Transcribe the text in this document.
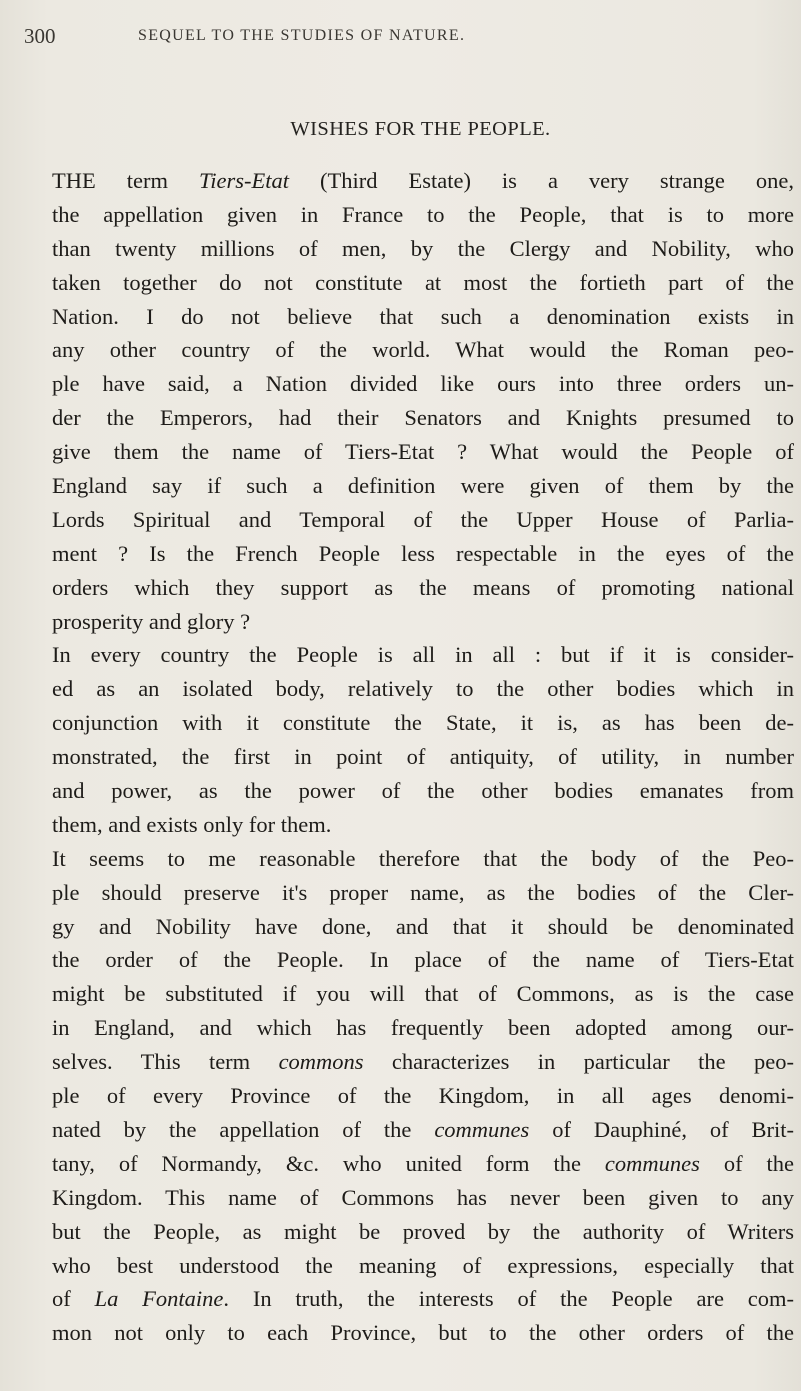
300	SEQUEL TO THE STUDIES OF NATURE.
WISHES FOR THE PEOPLE.
THE term Tiers-Etat (Third Estate) is a very strange one,
the appellation given in France to the People, that is to more
than twenty millions of men, by the Clergy and Nobility, who
taken together do not constitute at most the fortieth part of the
Nation. I do not believe that such a denomination exists in
any other country of the world. What would the Roman peo-
ple have said, a Nation divided like ours into three orders un-
der the Emperors, had their Senators and Knights presumed to
give them the name of Tiers-Etat ? What would the People of
England say if such a definition were given of them by the
Lords Spiritual and Temporal of the Upper House of Parlia-
ment ? Is the French People less respectable in the eyes of the
orders which they support as the means of promoting national
prosperity and glory ?
In every country the People is all in all : but if it is consider-
ed as an isolated body, relatively to the other bodies which in
conjunction with it constitute the State, it is, as has been de-
monstrated, the first in point of antiquity, of utility, in number
and power, as the power of the other bodies emanates from
them, and exists only for them.
It seems to me reasonable therefore that the body of the Peo-
ple should preserve it's proper name, as the bodies of the Cler-
gy and Nobility have done, and that it should be denominated
the order of the People. In place of the name of Tiers-Etat
might be substituted if you will that of Commons, as is the case
in England, and which has frequently been adopted among our-
selves. This term commons characterizes in particular the peo-
ple of every Province of the Kingdom, in all ages denomi-
nated by the appellation of the communes of Dauphiné, of Brit-
tany, of Normandy, &c. who united form the communes of the
Kingdom. This name of Commons has never been given to any
but the People, as might be proved by the authority of Writers
who best understood the meaning of expressions, especially that
of La Fontaine. In truth, the interests of the People are com-
mon not only to each Province, but to the other orders of the
